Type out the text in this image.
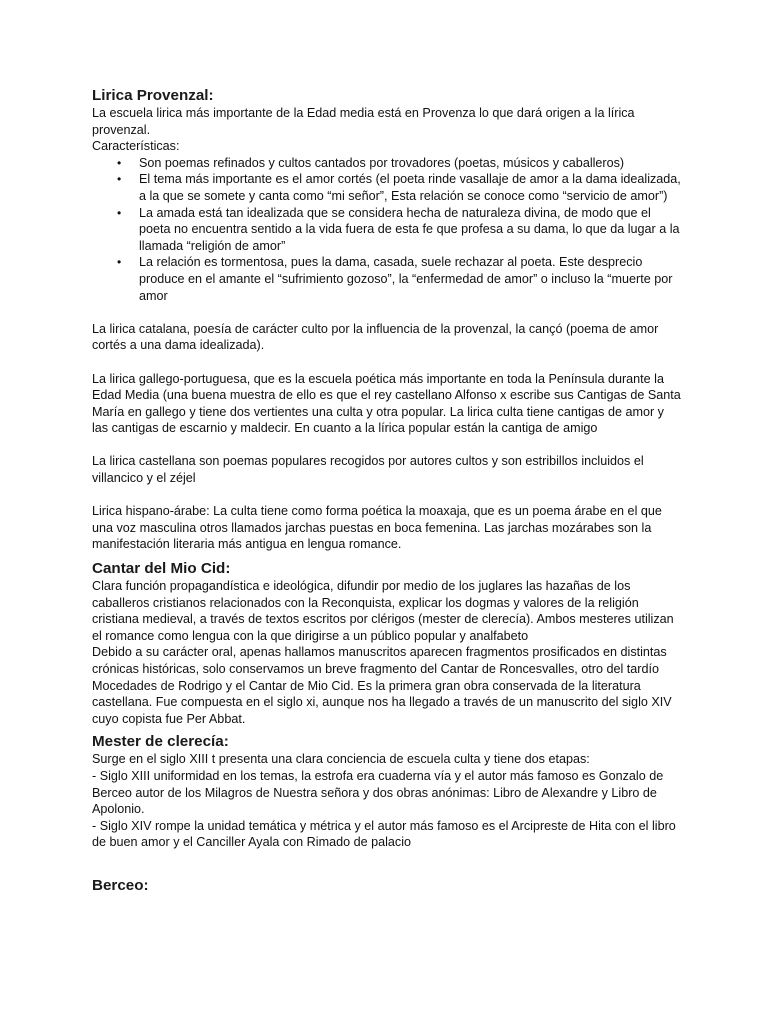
Lirica Provenzal:

La escuela lirica más importante de la Edad media está en Provenza lo que dará origen a la lírica provenzal.

Características:

• Son poemas refinados y cultos cantados por trovadores (poetas, músicos y caballeros)
• El tema más importante es el amor cortés (el poeta rinde vasallaje de amor a la dama idealizada, a la que se somete y canta como “mi señor”, Esta relación se conoce como “servicio de amor”)
• La amada está tan idealizada que se considera hecha de naturaleza divina, de modo que el poeta no encuentra sentido a la vida fuera de esta fe que profesa a su dama, lo que da lugar a la llamada “religión de amor”
• La relación es tormentosa, pues la dama, casada, suele rechazar al poeta. Este desprecio produce en el amante el “sufrimiento gozoso”, la “enfermedad de amor” o incluso la “muerte por amor

La lirica catalana, poesía de carácter culto por la influencia de la provenzal, la cançó (poema de amor cortés a una dama idealizada).

La lirica gallego-portuguesa, que es la escuela poética más importante en toda la Península durante la Edad Media (una buena muestra de ello es que el rey castellano Alfonso x escribe sus Cantigas de Santa María en gallego y tiene dos vertientes una culta y otra popular. La lirica culta tiene cantigas de amor y las cantigas de escarnio y maldecir. En cuanto a la lírica popular están la cantiga de amigo

La lirica castellana son poemas populares recogidos por autores cultos y son estribillos incluidos el villancico y el zéjel

Lirica hispano-árabe: La culta tiene como forma poética la moaxaja, que es un poema árabe en el que una voz masculina otros llamados jarchas puestas en boca femenina. Las jarchas mozárabes son la manifestación literaria más antigua en lengua romance.

Cantar del Mio Cid:

Clara función propagandística e ideológica, difundir por medio de los juglares las hazañas de los caballeros cristianos relacionados con la Reconquista, explicar los dogmas y valores de la religión cristiana medieval, a través de textos escritos por clérigos (mester de clerecía). Ambos mesteres utilizan el romance como lengua con la que dirigirse a un público popular y analfabeto

Debido a su carácter oral, apenas hallamos manuscritos aparecen fragmentos prosificados en distintas crónicas históricas, solo conservamos un breve fragmento del Cantar de Roncesvalles, otro del tardío Mocedades de Rodrigo y el Cantar de Mio Cid. Es la primera gran obra conservada de la literatura castellana. Fue compuesta en el siglo xi, aunque nos ha llegado a través de un manuscrito del siglo XIV cuyo copista fue Per Abbat.

Mester de clerecía:

Surge en el siglo XIII t presenta una clara conciencia de escuela culta y tiene dos etapas:

- Siglo XIII uniformidad en los temas, la estrofa era cuaderna vía y el autor más famoso es Gonzalo de Berceo autor de los Milagros de Nuestra señora y dos obras anónimas: Libro de Alexandre y Libro de Apolonio.

- Siglo XIV rompe la unidad temática y métrica y el autor más famoso es el Arcipreste de Hita con el libro de buen amor y el Canciller Ayala con Rimado de palacio

Berceo:
